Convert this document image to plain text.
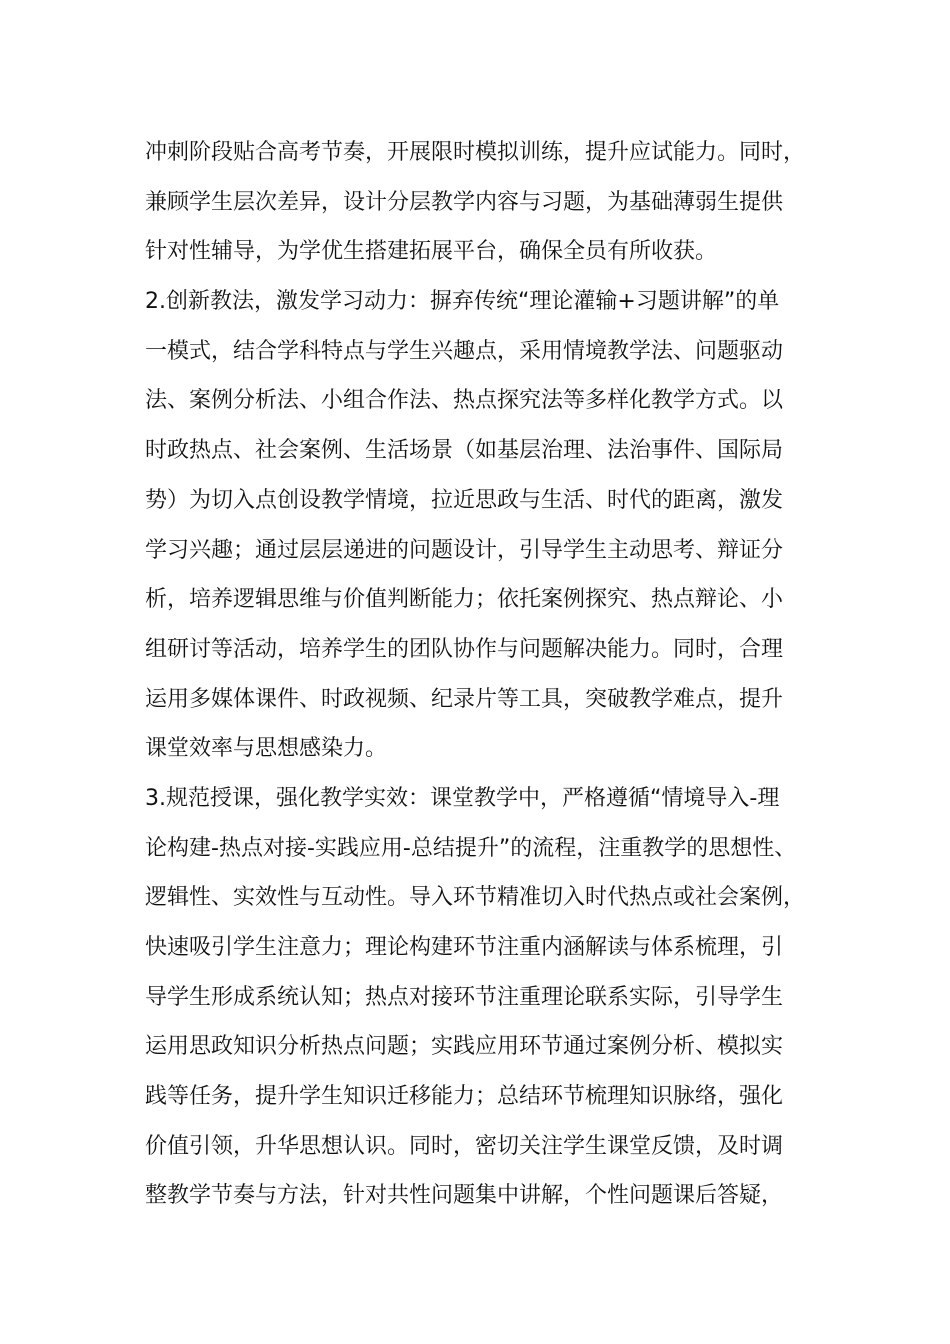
冲刺阶段贴合高考节奏，开展限时模拟训练，提升应试能力。同时，
兼顾学生层次差异，设计分层教学内容与习题，为基础薄弱生提供
针对性辅导，为学优生搭建拓展平台，确保全员有所收获。
2.创新教法，激发学习动力：摒弃传统“理论灌输+习题讲解”的单
一模式，结合学科特点与学生兴趣点，采用情境教学法、问题驱动
法、案例分析法、小组合作法、热点探究法等多样化教学方式。以
时政热点、社会案例、生活场景（如基层治理、法治事件、国际局
势）为切入点创设教学情境，拉近思政与生活、时代的距离，激发
学习兴趣；通过层层递进的问题设计，引导学生主动思考、辩证分
析，培养逻辑思维与价值判断能力；依托案例探究、热点辩论、小
组研讨等活动，培养学生的团队协作与问题解决能力。同时，合理
运用多媒体课件、时政视频、纪录片等工具，突破教学难点，提升
课堂效率与思想感染力。
3.规范授课，强化教学实效：课堂教学中，严格遵循“情境导入-理
论构建-热点对接-实践应用-总结提升”的流程，注重教学的思想性、
逻辑性、实效性与互动性。导入环节精准切入时代热点或社会案例，
快速吸引学生注意力；理论构建环节注重内涵解读与体系梳理，引
导学生形成系统认知；热点对接环节注重理论联系实际，引导学生
运用思政知识分析热点问题；实践应用环节通过案例分析、模拟实
践等任务，提升学生知识迁移能力；总结环节梳理知识脉络，强化
价值引领，升华思想认识。同时，密切关注学生课堂反馈，及时调
整教学节奏与方法，针对共性问题集中讲解，个性问题课后答疑，
